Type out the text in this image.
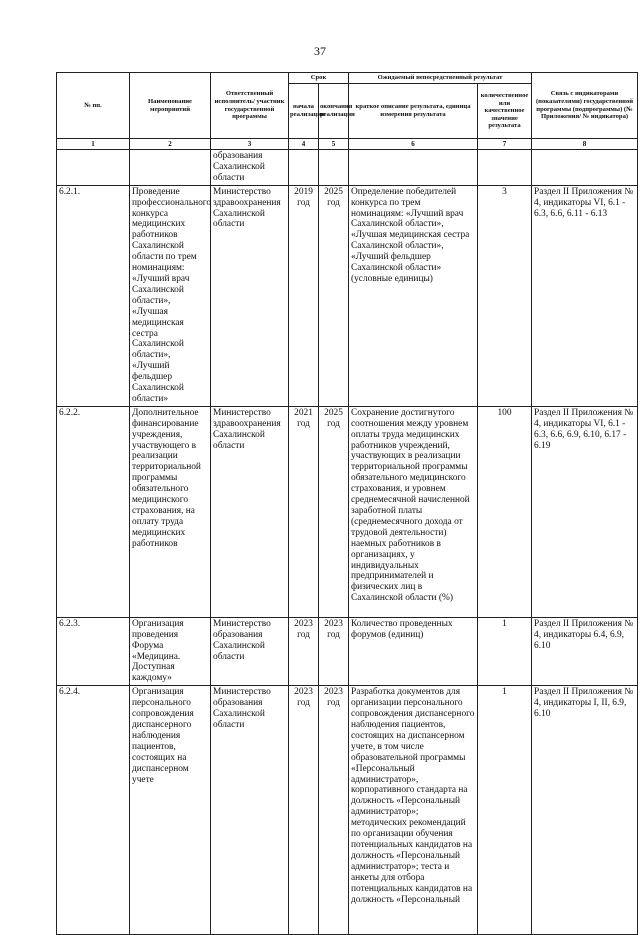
37
№ пп.	Наименование мероприятий	Ответственный исполнитель/ участник государственной программы	Срок		Ожидаемый непосредственный результат		Связь с индикаторами (показателями) государственной программы (подпрограммы) (№ Приложения/ № индикатора)
			начала реализации	окончания реализации	краткое описание результата, единица измерения результата	количественное или качественное значение результата	
1	2	3	4	5	6	7	8
		образования Сахалинской области					
6.2.1.	Проведение профессионального конкурса медицинских работников Сахалинской области по трем номинациям: «Лучший врач Сахалинской области», «Лучшая медицинская сестра Сахалинской области», «Лучший фельдшер Сахалинской области»	Министерство здравоохранения Сахалинской области	2019 год	2025 год	Определение победителей конкурса по трем номинациям: «Лучший врач Сахалинской области», «Лучшая медицинская сестра Сахалинской области», «Лучший фельдшер Сахалинской области» (условные единицы)	3	Раздел II Приложения № 4, индикаторы VI, 6.1 - 6.3, 6.6, 6.11 - 6.13
6.2.2.	Дополнительное финансирование учреждения, участвующего в реализации территориальной программы обязательного медицинского страхования, на оплату труда медицинских работников	Министерство здравоохранения Сахалинской области	2021 год	2025 год	Сохранение достигнутого соотношения между уровнем оплаты труда медицинских работников учреждений, участвующих в реализации территориальной программы обязательного медицинского страхования, и уровнем среднемесячной начисленной заработной платы (среднемесячного дохода от трудовой деятельности) наемных работников в организациях, у индивидуальных предпринимателей и физических лиц в Сахалинской области (%)	100	Раздел II Приложения № 4, индикаторы VI, 6.1 - 6.3, 6.6, 6.9, 6.10, 6.17 - 6.19
6.2.3.	Организация проведения Форума «Медицина. Доступная каждому»	Министерство образования Сахалинской области	2023 год	2023 год	Количество проведенных форумов (единиц)	1	Раздел II Приложения № 4, индикаторы 6.4, 6.9, 6.10
6.2.4.	Организация персонального сопровождения диспансерного наблюдения пациентов, состоящих на диспансерном учете	Министерство образования Сахалинской области	2023 год	2023 год	Разработка документов для организации персонального сопровождения диспансерного наблюдения пациентов, состоящих на диспансерном учете, в том числе образовательной программы «Персональный администратор», корпоративного стандарта на должность «Персональный администратор»; методических рекомендаций по организации обучения потенциальных кандидатов на должность «Персональный администратор»; теста и анкеты для отбора потенциальных кандидатов на должность «Персональный	1	Раздел II Приложения № 4, индикаторы I, II, 6.9, 6.10
